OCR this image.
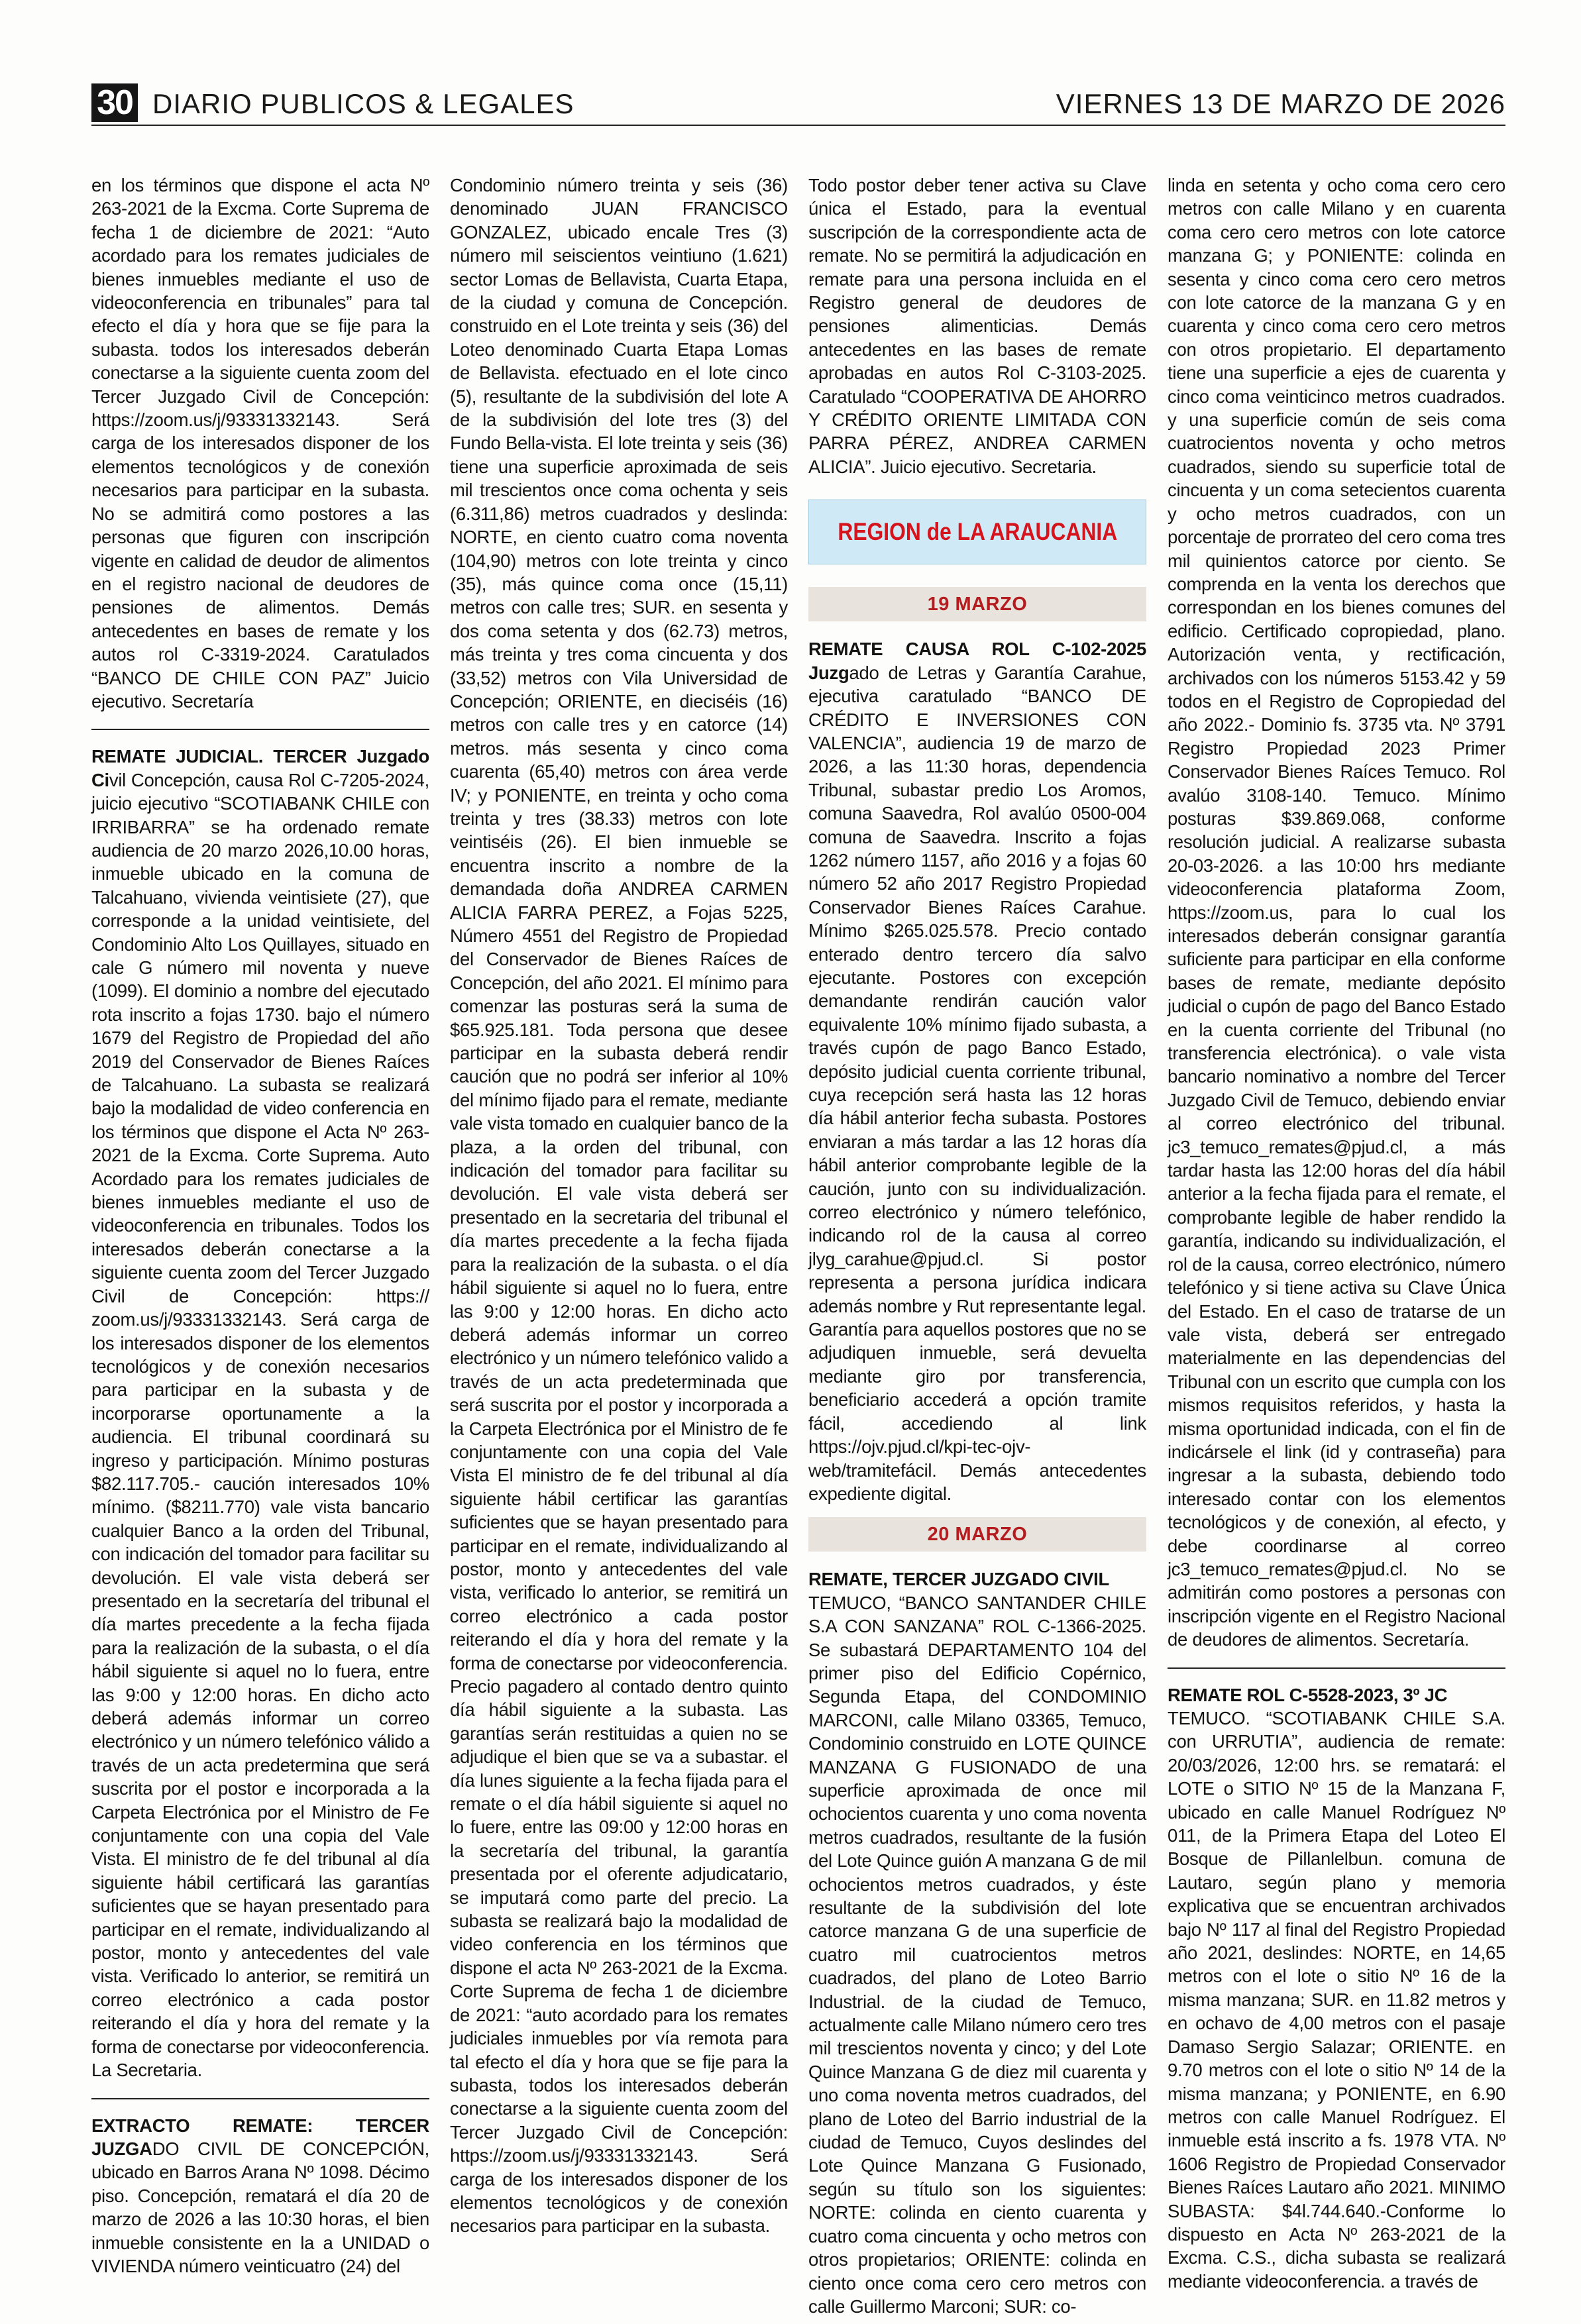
30 DIARIO PUBLICOS & LEGALES	VIERNES 13 DE MARZO DE 2026

en los términos que dispone el acta Nº 263-2021 de la Excma. Corte Suprema de fecha 1 de diciembre de 2021: “Auto acordado para los remates judiciales de bienes inmuebles mediante el uso de videoconferencia en tribunales” para tal efecto el día y hora que se fije para la subasta. todos los interesados deberán conectarse a la siguiente cuenta zoom del Tercer Juzgado Civil de Concepción: https://zoom.us/j/93331332143. Será carga de los interesados disponer de los elementos tecnológicos y de conexión necesarios para participar en la subasta. No se admitirá como postores a las personas que figuren con inscripción vigente en calidad de deudor de alimentos en el registro nacional de deudores de pensiones de alimentos. Demás antecedentes en bases de remate y los autos rol C-3319-2024. Caratulados “BANCO DE CHILE CON PAZ” Juicio ejecutivo. Secretaría

REMATE JUDICIAL. TERCER Juzgado Civil Concepción, causa Rol C-7205-2024, juicio ejecutivo “SCOTIABANK CHILE con IRRIBARRA” se ha ordenado remate audiencia de 20 marzo 2026,10.00 horas, inmueble ubicado en la comuna de Talcahuano, vivienda veintisiete (27), que corresponde a la unidad veintisiete, del Condominio Alto Los Quillayes, situado en cale G número mil noventa y nueve (1099). El dominio a nombre del ejecutado rota inscrito a fojas 1730. bajo el número 1679 del Registro de Propiedad del año 2019 del Conservador de Bienes Raíces de Talcahuano. La subasta se realizará bajo la modalidad de video conferencia en los términos que dispone el Acta Nº 263-2021 de la Excma. Corte Suprema. Auto Acordado para los remates judiciales de bienes inmuebles mediante el uso de videoconferencia en tribunales. Todos los interesados deberán conectarse a la siguiente cuenta zoom del Tercer Juzgado Civil de Concepción: https:// zoom.us/j/93331332143. Será carga de los interesados disponer de los elementos tecnológicos y de conexión necesarios para participar en la subasta y de incorporarse oportunamente a la audiencia. El tribunal coordinará su ingreso y participación. Mínimo posturas $82.117.705.- caución interesados 10% mínimo. ($8211.770) vale vista bancario cualquier Banco a la orden del Tribunal, con indicación del tomador para facilitar su devolución. El vale vista deberá ser presentado en la secretaría del tribunal el día martes precedente a la fecha fijada para la realización de la subasta, o el día hábil siguiente si aquel no lo fuera, entre las 9:00 y 12:00 horas. En dicho acto deberá además informar un correo electrónico y un número telefónico válido a través de un acta predetermina que será suscrita por el postor e incorporada a la Carpeta Electrónica por el Ministro de Fe conjuntamente con una copia del Vale Vista. El ministro de fe del tribunal al día siguiente hábil certificará las garantías suficientes que se hayan presentado para participar en el remate, individualizando al postor, monto y antecedentes del vale vista. Verificado lo anterior, se remitirá un correo electrónico a cada postor reiterando el día y hora del remate y la forma de conectarse por videoconferencia. La Secretaria.

EXTRACTO REMATE: TERCER JUZGADO CIVIL DE CONCEPCIÓN, ubicado en Barros Arana Nº 1098. Décimo piso. Concepción, rematará el día 20 de marzo de 2026 a las 10:30 horas, el bien inmueble consistente en la a UNIDAD o VIVIENDA número veinticuatro (24) del

Condominio número treinta y seis (36) denominado JUAN FRANCISCO GONZALEZ, ubicado encale Tres (3) número mil seiscientos veintiuno (1.621) sector Lomas de Bellavista, Cuarta Etapa, de la ciudad y comuna de Concepción. construido en el Lote treinta y seis (36) del Loteo denominado Cuarta Etapa Lomas de Bellavista. efectuado en el lote cinco (5), resultante de la subdivisión del lote A de la subdivisión del lote tres (3) del Fundo Bella-vista. El lote treinta y seis (36) tiene una superficie aproximada de seis mil trescientos once coma ochenta y seis (6.311,86) metros cuadrados y deslinda: NORTE, en ciento cuatro coma noventa (104,90) metros con lote treinta y cinco (35), más quince coma once (15,11) metros con calle tres; SUR. en sesenta y dos coma setenta y dos (62.73) metros, más treinta y tres coma cincuenta y dos (33,52) metros con Vila Universidad de Concepción; ORIENTE, en dieciséis (16) metros con calle tres y en catorce (14) metros. más sesenta y cinco coma cuarenta (65,40) metros con área verde IV; y PONIENTE, en treinta y ocho coma treinta y tres (38.33) metros con lote veintiséis (26). El bien inmueble se encuentra inscrito a nombre de la demandada doña ANDREA CARMEN ALICIA FARRA PEREZ, a Fojas 5225, Número 4551 del Registro de Propiedad del Conservador de Bienes Raíces de Concepción, del año 2021. El mínimo para comenzar las posturas será la suma de $65.925.181. Toda persona que desee participar en la subasta deberá rendir caución que no podrá ser inferior al 10% del mínimo fijado para el remate, mediante vale vista tomado en cualquier banco de la plaza, a la orden del tribunal, con indicación del tomador para facilitar su devolución. El vale vista deberá ser presentado en la secretaria del tribunal el día martes precedente a la fecha fijada para la realización de la subasta. o el día hábil siguiente si aquel no lo fuera, entre las 9:00 y 12:00 horas. En dicho acto deberá además informar un correo electrónico y un número telefónico valido a través de un acta predeterminada que será suscrita por el postor y incorporada a la Carpeta Electrónica por el Ministro de fe conjuntamente con una copia del Vale Vista El ministro de fe del tribunal al día siguiente hábil certificar las garantías suficientes que se hayan presentado para participar en el remate, individualizando al postor, monto y antecedentes del vale vista, verificado lo anterior, se remitirá un correo electrónico a cada postor reiterando el día y hora del remate y la forma de conectarse por videoconferencia. Precio pagadero al contado dentro quinto día hábil siguiente a la subasta. Las garantías serán restituidas a quien no se adjudique el bien que se va a subastar. el día lunes siguiente a la fecha fijada para el remate o el día hábil siguiente si aquel no lo fuere, entre las 09:00 y 12:00 horas en la secretaría del tribunal, la garantía presentada por el oferente adjudicatario, se imputará como parte del precio. La subasta se realizará bajo la modalidad de video conferencia en los términos que dispone el acta Nº 263-2021 de la Excma. Corte Suprema de fecha 1 de diciembre de 2021: “auto acordado para los remates judiciales inmuebles por vía remota para tal efecto el día y hora que se fije para la subasta, todos los interesados deberán conectarse a la siguiente cuenta zoom del Tercer Juzgado Civil de Concepción: https://zoom.us/j/93331332143. Será carga de los interesados disponer de los elementos tecnológicos y de conexión necesarios para participar en la subasta.

Todo postor deber tener activa su Clave única el Estado, para la eventual suscripción de la correspondiente acta de remate. No se permitirá la adjudicación en remate para una persona incluida en el Registro general de deudores de pensiones alimenticias. Demás antecedentes en las bases de remate aprobadas en autos Rol C-3103-2025. Caratulado “COOPERATIVA DE AHORRO Y CRÉDITO ORIENTE LIMITADA CON PARRA PÉREZ, ANDREA CARMEN ALICIA”. Juicio ejecutivo. Secretaria.

REGION de LA ARAUCANIA
19 MARZO

REMATE CAUSA ROL C-102-2025 Juzgado de Letras y Garantía Carahue, ejecutiva caratulado “BANCO DE CRÉDITO E INVERSIONES CON VALENCIA”, audiencia 19 de marzo de 2026, a las 11:30 horas, dependencia Tribunal, subastar predio Los Aromos, comuna Saavedra, Rol avalúo 0500-004 comuna de Saavedra. Inscrito a fojas 1262 número 1157, año 2016 y a fojas 60 número 52 año 2017 Registro Propiedad Conservador Bienes Raíces Carahue. Mínimo $265.025.578. Precio contado enterado dentro tercero día salvo ejecutante. Postores con excepción demandante rendirán caución valor equivalente 10% mínimo fijado subasta, a través cupón de pago Banco Estado, depósito judicial cuenta corriente tribunal, cuya recepción será hasta las 12 horas día hábil anterior fecha subasta. Postores enviaran a más tardar a las 12 horas día hábil anterior comprobante legible de la caución, junto con su individualización. correo electrónico y número telefónico, indicando rol de la causa al correo jlyg_carahue@pjud.cl. Si postor representa a persona jurídica indicara además nombre y Rut representante legal. Garantía para aquellos postores que no se adjudiquen inmueble, será devuelta mediante giro por transferencia, beneficiario accederá a opción tramite fácil, accediendo al link https://ojv.pjud.cl/kpi-tec-ojv-web/tramitefácil. Demás antecedentes expediente digital.

20 MARZO

REMATE, TERCER JUZGADO CIVIL
TEMUCO, “BANCO SANTANDER CHILE S.A CON SANZANA” ROL C-1366-2025. Se subastará DEPARTAMENTO 104 del primer piso del Edificio Copérnico, Segunda Etapa, del CONDOMINIO MARCONI, calle Milano 03365, Temuco, Condominio construido en LOTE QUINCE MANZANA G FUSIONADO de una superficie aproximada de once mil ochocientos cuarenta y uno coma noventa metros cuadrados, resultante de la fusión del Lote Quince guión A manzana G de mil ochocientos metros cuadrados, y éste resultante de la subdivisión del lote catorce manzana G de una superficie de cuatro mil cuatrocientos metros cuadrados, del plano de Loteo Barrio Industrial. de la ciudad de Temuco, actualmente calle Milano número cero tres mil trescientos noventa y cinco; y del Lote Quince Manzana G de diez mil cuarenta y uno coma noventa metros cuadrados, del plano de Loteo del Barrio industrial de la ciudad de Temuco, Cuyos deslindes del Lote Quince Manzana G Fusionado, según su título son los siguientes: NORTE: colinda en ciento cuarenta y cuatro coma cincuenta y ocho metros con otros propietarios; ORIENTE: colinda en ciento once coma cero cero metros con calle Guillermo Marconi; SUR: co-

linda en setenta y ocho coma cero cero metros con calle Milano y en cuarenta coma cero cero metros con lote catorce manzana G; y PONIENTE: colinda en sesenta y cinco coma cero cero metros con lote catorce de la manzana G y en cuarenta y cinco coma cero cero metros con otros propietario. El departamento tiene una superficie a ejes de cuarenta y cinco coma veinticinco metros cuadrados. y una superficie común de seis coma cuatrocientos noventa y ocho metros cuadrados, siendo su superficie total de cincuenta y un coma setecientos cuarenta y ocho metros cuadrados, con un porcentaje de prorrateo del cero coma tres mil quinientos catorce por ciento. Se comprenda en la venta los derechos que correspondan en los bienes comunes del edificio. Certificado copropiedad, plano. Autorización venta, y rectificación, archivados con los números 5153.42 y 59 todos en el Registro de Copropiedad del año 2022.- Dominio fs. 3735 vta. Nº 3791 Registro Propiedad 2023 Primer Conservador Bienes Raíces Temuco. Rol avalúo 3108-140. Temuco. Mínimo posturas $39.869.068, conforme resolución judicial. A realizarse subasta 20-03-2026. a las 10:00 hrs mediante videoconferencia plataforma Zoom, https://zoom.us, para lo cual los interesados deberán consignar garantía suficiente para participar en ella conforme bases de remate, mediante depósito judicial o cupón de pago del Banco Estado en la cuenta corriente del Tribunal (no transferencia electrónica). o vale vista bancario nominativo a nombre del Tercer Juzgado Civil de Temuco, debiendo enviar al correo electrónico del tribunal. jc3_temuco_remates@pjud.cl, a más tardar hasta las 12:00 horas del día hábil anterior a la fecha fijada para el remate, el comprobante legible de haber rendido la garantía, indicando su individualización, el rol de la causa, correo electrónico, número telefónico y si tiene activa su Clave Única del Estado. En el caso de tratarse de un vale vista, deberá ser entregado materialmente en las dependencias del Tribunal con un escrito que cumpla con los mismos requisitos referidos, y hasta la misma oportunidad indicada, con el fin de indicársele el link (id y contraseña) para ingresar a la subasta, debiendo todo interesado contar con los elementos tecnológicos y de conexión, al efecto, y debe coordinarse al correo jc3_temuco_remates@pjud.cl. No se admitirán como postores a personas con inscripción vigente en el Registro Nacional de deudores de alimentos. Secretaría.

REMATE ROL C-5528-2023, 3º JC
TEMUCO. “SCOTIABANK CHILE S.A. con URRUTIA”, audiencia de remate: 20/03/2026, 12:00 hrs. se rematará: el LOTE o SITIO Nº 15 de la Manzana F, ubicado en calle Manuel Rodríguez Nº 011, de la Primera Etapa del Loteo El Bosque de Pillanlelbun. comuna de Lautaro, según plano y memoria explicativa que se encuentran archivados bajo Nº 117 al final del Registro Propiedad año 2021, deslindes: NORTE, en 14,65 metros con el lote o sitio Nº 16 de la misma manzana; SUR. en 11.82 metros y en ochavo de 4,00 metros con el pasaje Damaso Sergio Salazar; ORIENTE. en 9.70 metros con el lote o sitio Nº 14 de la misma manzana; y PONIENTE, en 6.90 metros con calle Manuel Rodríguez. El inmueble está inscrito a fs. 1978 VTA. Nº 1606 Registro de Propiedad Conservador Bienes Raíces Lautaro año 2021. MINIMO SUBASTA: $4l.744.640.-Conforme lo dispuesto en Acta Nº 263-2021 de la Excma. C.S., dicha subasta se realizará mediante videoconferencia. a través de
